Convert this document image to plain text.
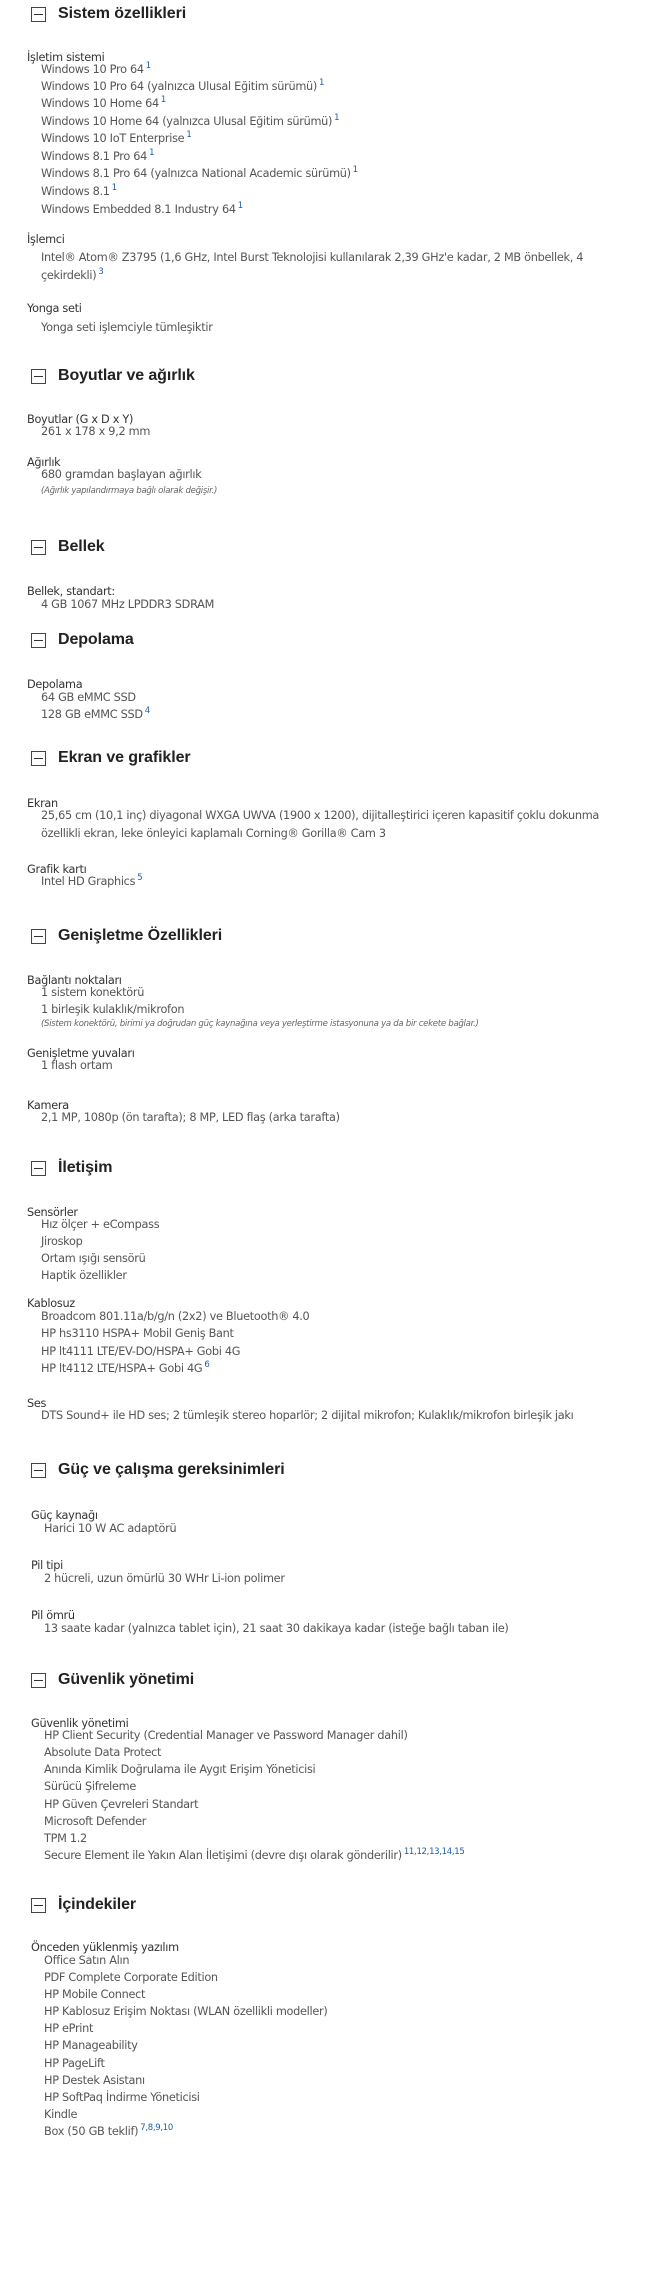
Sistem özellikleri
İşletim sistemi
Windows 10 Pro 64 $^1$
Windows 10 Pro 64 (yalnızca Ulusal Eğitim sürümü) $^1$
Windows 10 Home 64 $^1$
Windows 10 Home 64 (yalnızca Ulusal Eğitim sürümü) $^1$
Windows 10 IoT Enterprise $^1$
Windows 8.1 Pro 64 $^1$
Windows 8.1 Pro 64 (yalnızca National Academic sürümü) $^1$
Windows 8.1 $^1$
Windows Embedded 8.1 Industry 64 $^1$
İşlemci
Intel® Atom® Z3795 (1,6 GHz, Intel Burst Teknolojisi kullanılarak 2,39 GHz'e kadar, 2 MB önbellek, 4 çekirdekli) $^3$
Yonga seti
Yonga seti işlemciyle tümleşiktir
Boyutlar ve ağırlık
Boyutlar (G x D x Y)
261 x 178 x 9,2 mm
Ağırlık
680 gramdan başlayan ağırlık
(Ağırlık yapılandırmaya bağlı olarak değişir.)
Bellek
Bellek, standart:
4 GB 1067 MHz LPDDR3 SDRAM
Depolama
Depolama
64 GB eMMC SSD
128 GB eMMC SSD $^4$
Ekran ve grafikler
Ekran
25,65 cm (10,1 inç) diyagonal WXGA UWVA (1900 x 1200), dijitalleştirici içeren kapasitif çoklu dokunma özellikli ekran, leke önleyici kaplamalı Corning® Gorilla® Cam 3
Grafik kartı
Intel HD Graphics $^5$
Genişletme Özellikleri
Bağlantı noktaları
1 sistem konektörü
1 birleşik kulaklık/mikrofon
(Sistem konektörü, birimi ya doğrudan güç kaynağına veya yerleştirme istasyonuna ya da bir cekete bağlar.)
Genişletme yuvaları
1 flash ortam
Kamera
2,1 MP, 1080p (ön tarafta); 8 MP, LED flaş (arka tarafta)
İletişim
Sensörler
Hız ölçer + eCompass
Jiroskop
Ortam ışığı sensörü
Haptik özellikler
Kablosuz
Broadcom 801.11a/b/g/n (2x2) ve Bluetooth® 4.0
HP hs3110 HSPA+ Mobil Geniş Bant
HP lt4111 LTE/EV-DO/HSPA+ Gobi 4G
HP lt4112 LTE/HSPA+ Gobi 4G $^6$
Ses
DTS Sound+ ile HD ses; 2 tümleşik stereo hoparlör; 2 dijital mikrofon; Kulaklık/mikrofon birleşik jakı
Güç ve çalışma gereksinimleri
Güç kaynağı
Harici 10 W AC adaptörü
Pil tipi
2 hücreli, uzun ömürlü 30 WHr Li-ion polimer
Pil ömrü
13 saate kadar (yalnızca tablet için), 21 saat 30 dakikaya kadar (isteğe bağlı taban ile)
Güvenlik yönetimi
Güvenlik yönetimi
HP Client Security (Credential Manager ve Password Manager dahil)
Absolute Data Protect
Anında Kimlik Doğrulama ile Aygıt Erişim Yöneticisi
Sürücü Şifreleme
HP Güven Çevreleri Standart
Microsoft Defender
TPM 1.2
Secure Element ile Yakın Alan İletişimi (devre dışı olarak gönderilir) $^{11,12,13,14,15}$
İçindekiler
Önceden yüklenmiş yazılım
Office Satın Alın
PDF Complete Corporate Edition
HP Mobile Connect
HP Kablosuz Erişim Noktası (WLAN özellikli modeller)
HP ePrint
HP Manageability
HP PageLift
HP Destek Asistanı
HP SoftPaq İndirme Yöneticisi
Kindle
Box (50 GB teklif) $^{7,8,9,10}$
